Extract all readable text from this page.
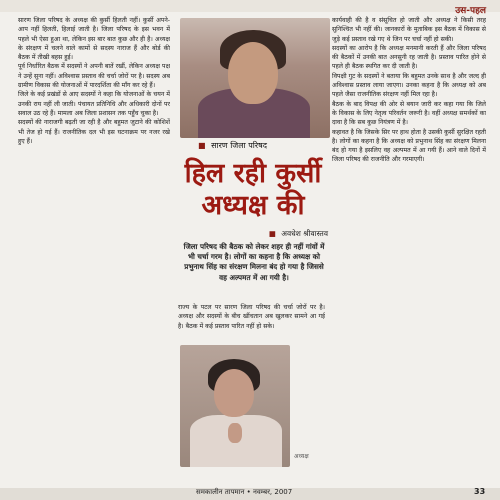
उस-पहल

सारण जिला परिषद के अध्यक्ष की कुर्सी हिलती नहीं। कुर्सी अपने-आप नहीं हिलती, हिलाई जाती है। जिला परिषद के इस भवन में पहले भी ऐसा हुआ था, लेकिन इस बार बात कुछ और ही है। अध्यक्ष के संरक्षण में चलने वाले कामों से सदस्य नाराज हैं और बोर्ड की बैठक में तीखी बहस हुई।

पूर्व निर्धारित बैठक में सदस्यों ने अपनी बातें रखीं, लेकिन अध्यक्ष पक्ष ने उन्हें सुना नहीं। अविश्वास प्रस्ताव की चर्चा जोरों पर है। सदस्य अब ग्रामीण विकास की योजनाओं में पारदर्शिता की माँग कर रहे हैं।

जिले के कई प्रखंडों से आए सदस्यों ने कहा कि योजनाओं के चयन में उनकी राय नहीं ली जाती। पंचायत प्रतिनिधि और अधिकारी दोनों पर सवाल उठ रहे हैं। मामला अब जिला प्रशासन तक पहुँच चुका है।

सदस्यों की नाराजगी बढ़ती जा रही है और बहुमत जुटाने की कोशिशें भी तेज हो गई हैं। राजनीतिक दल भी इस घटनाक्रम पर नजर रखे हुए हैं।	■ सारण जिला परिषद
हिल रही कुर्सी
अध्यक्ष की
■ अवधेश श्रीवास्तव
जिला परिषद की बैठक को लेकर शहर ही नहीं गांवों में भी चर्चा गरम है। लोगों का कहना है कि अध्यक्ष को प्रभुनाथ सिंह का संरक्षण मिलना बंद हो गया है जिससे वह अल्पमत में आ गयी है।

राज्य के पटल पर सारण जिला परिषद की चर्चा जोरों पर है। अध्यक्ष और सदस्यों के बीच खींचतान अब खुलकर सामने आ गई है। बैठक में कई प्रस्ताव पारित नहीं हो सके।

अध्यक्ष

कार्यवाही की है व संसूचित हो जाती और अध्यक्ष ने किसी तरह सुनिश्चित भी नहीं की। जानकारों के मुताबिक इस बैठक में विकास से जुड़े कई प्रस्ताव रखे गए थे जिन पर चर्चा नहीं हो सकी।

सदस्यों का आरोप है कि अध्यक्ष मनमानी करती हैं और जिला परिषद की बैठकों में उनकी बात अनसुनी रह जाती है। प्रस्ताव पारित होने से पहले ही बैठक स्थगित कर दी जाती है।

विपक्षी गुट के सदस्यों ने बताया कि बहुमत उनके साथ है और जल्द ही अविश्वास प्रस्ताव लाया जाएगा। उनका कहना है कि अध्यक्ष को अब पहले जैसा राजनीतिक संरक्षण नहीं मिल रहा है।

बैठक के बाद विपक्ष की ओर से बयान जारी कर कहा गया कि जिले के विकास के लिए नेतृत्व परिवर्तन जरूरी है। वहीं अध्यक्ष समर्थकों का दावा है कि सब कुछ नियंत्रण में है।

कहावत है कि जिसके सिर पर हाथ होता है उसकी कुर्सी सुरक्षित रहती है। लोगों का कहना है कि अध्यक्ष को प्रभुनाथ सिंह का संरक्षण मिलना बंद हो गया है इसलिए वह अल्पमत में आ गयी हैं। आने वाले दिनों में जिला परिषद की राजनीति और गरमाएगी।

समकालीन तापमान • नवम्बर, 2007	33
